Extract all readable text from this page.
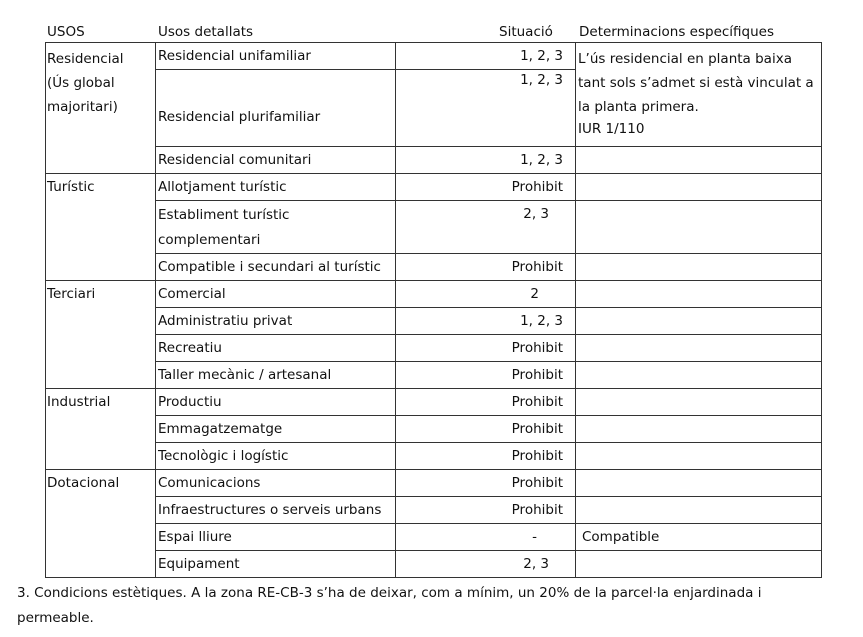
USOS	Usos detallats	Situació Determinacions específiques
Residencial
(Ús global
majoritari)	Residencial unifamiliar	1, 2, 3	L’ús residencial en planta baixa
tant sols s’admet si està vinculat a
la planta primera.
IUR 1/110

	Residencial plurifamiliar	1, 2, 3	

	Residencial comunitari	1, 2, 3	

Turístic	Allotjament turístic	Prohibit	

	Establiment turístic
complementari	2, 3	

	Compatible i secundari al turístic	Prohibit	

Terciari	Comercial	2	

	Administratiu privat	1, 2, 3	

	Recreatiu	Prohibit	

	Taller mecànic / artesanal	Prohibit	

Industrial	Productiu	Prohibit	

	Emmagatzematge	Prohibit	

	Tecnològic i logístic	Prohibit	

Dotacional	Comunicacions	Prohibit	

	Infraestructures o serveis urbans	Prohibit	

	Espai lliure	-	Compatible

	Equipament	2, 3	

3. Condicions estètiques. A la zona RE-CB-3 s’ha de deixar, com a mínim, un 20% de la parcel·la enjardinada i permeable.
